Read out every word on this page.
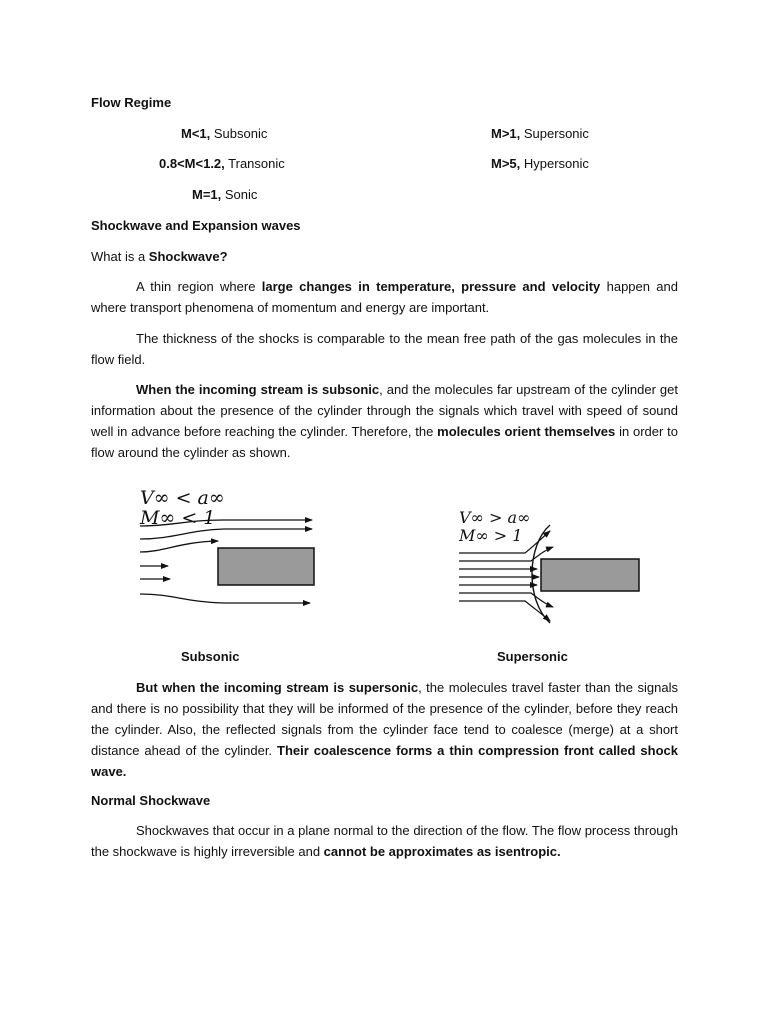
Flow Regime

M<1, Subsonic	M>1, Supersonic

0.8<M<1.2, Transonic	M>5, Hypersonic

M=1, Sonic

Shockwave and Expansion waves

What is a Shockwave?

A thin region where large changes in temperature, pressure and velocity happen and where transport phenomena of momentum and energy are important.

The thickness of the shocks is comparable to the mean free path of the gas molecules in the flow field.

When the incoming stream is subsonic, and the molecules far upstream of the cylinder get information about the presence of the cylinder through the signals which travel with speed of sound well in advance before reaching the cylinder. Therefore, the molecules orient themselves in order to flow around the cylinder as shown.

V∞ < a∞
M∞ < 1	V∞ > a∞
M∞ > 1

Subsonic	Supersonic

But when the incoming stream is supersonic, the molecules travel faster than the signals and there is no possibility that they will be informed of the presence of the cylinder, before they reach the cylinder. Also, the reflected signals from the cylinder face tend to coalesce (merge) at a short distance ahead of the cylinder. Their coalescence forms a thin compression front called shock wave.

Normal Shockwave

Shockwaves that occur in a plane normal to the direction of the flow. The flow process through the shockwave is highly irreversible and cannot be approximates as isentropic.
